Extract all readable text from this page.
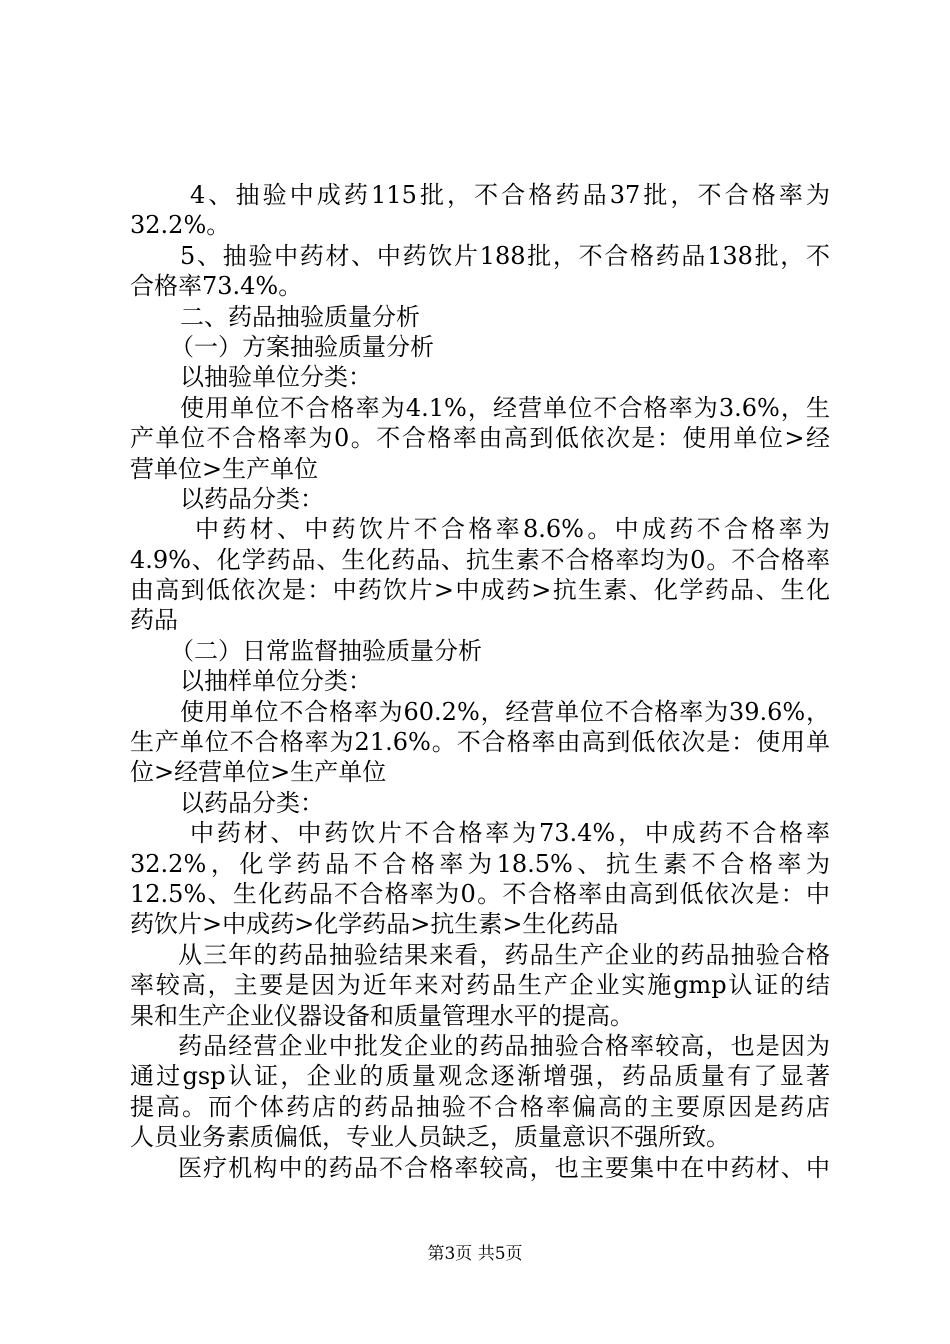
4、抽验中成药115批，不合格药品37批，不合格率为
32.2%。
5、抽验中药材、中药饮片188批，不合格药品138批，不
合格率73.4%。
二、药品抽验质量分析
（一）方案抽验质量分析
以抽验单位分类：
使用单位不合格率为4.1%，经营单位不合格率为3.6%，生
产单位不合格率为0。不合格率由高到低依次是：使用单位>经
营单位>生产单位
以药品分类：
中药材、中药饮片不合格率8.6%。中成药不合格率为
4.9%、化学药品、生化药品、抗生素不合格率均为0。不合格率
由高到低依次是：中药饮片>中成药>抗生素、化学药品、生化
药品
（二）日常监督抽验质量分析
以抽样单位分类：
使用单位不合格率为60.2%，经营单位不合格率为39.6%，
生产单位不合格率为21.6%。不合格率由高到低依次是：使用单
位>经营单位>生产单位
以药品分类：
中药材、中药饮片不合格率为73.4%，中成药不合格率
32.2%，化学药品不合格率为18.5%、抗生素不合格率为
12.5%、生化药品不合格率为0。不合格率由高到低依次是：中
药饮片>中成药>化学药品>抗生素>生化药品
从三年的药品抽验结果来看，药品生产企业的药品抽验合格
率较高，主要是因为近年来对药品生产企业实施gmp认证的结
果和生产企业仪器设备和质量管理水平的提高。
药品经营企业中批发企业的药品抽验合格率较高，也是因为
通过gsp认证，企业的质量观念逐渐增强，药品质量有了显著
提高。而个体药店的药品抽验不合格率偏高的主要原因是药店
人员业务素质偏低，专业人员缺乏，质量意识不强所致。
医疗机构中的药品不合格率较高，也主要集中在中药材、中
第3页 共5页
